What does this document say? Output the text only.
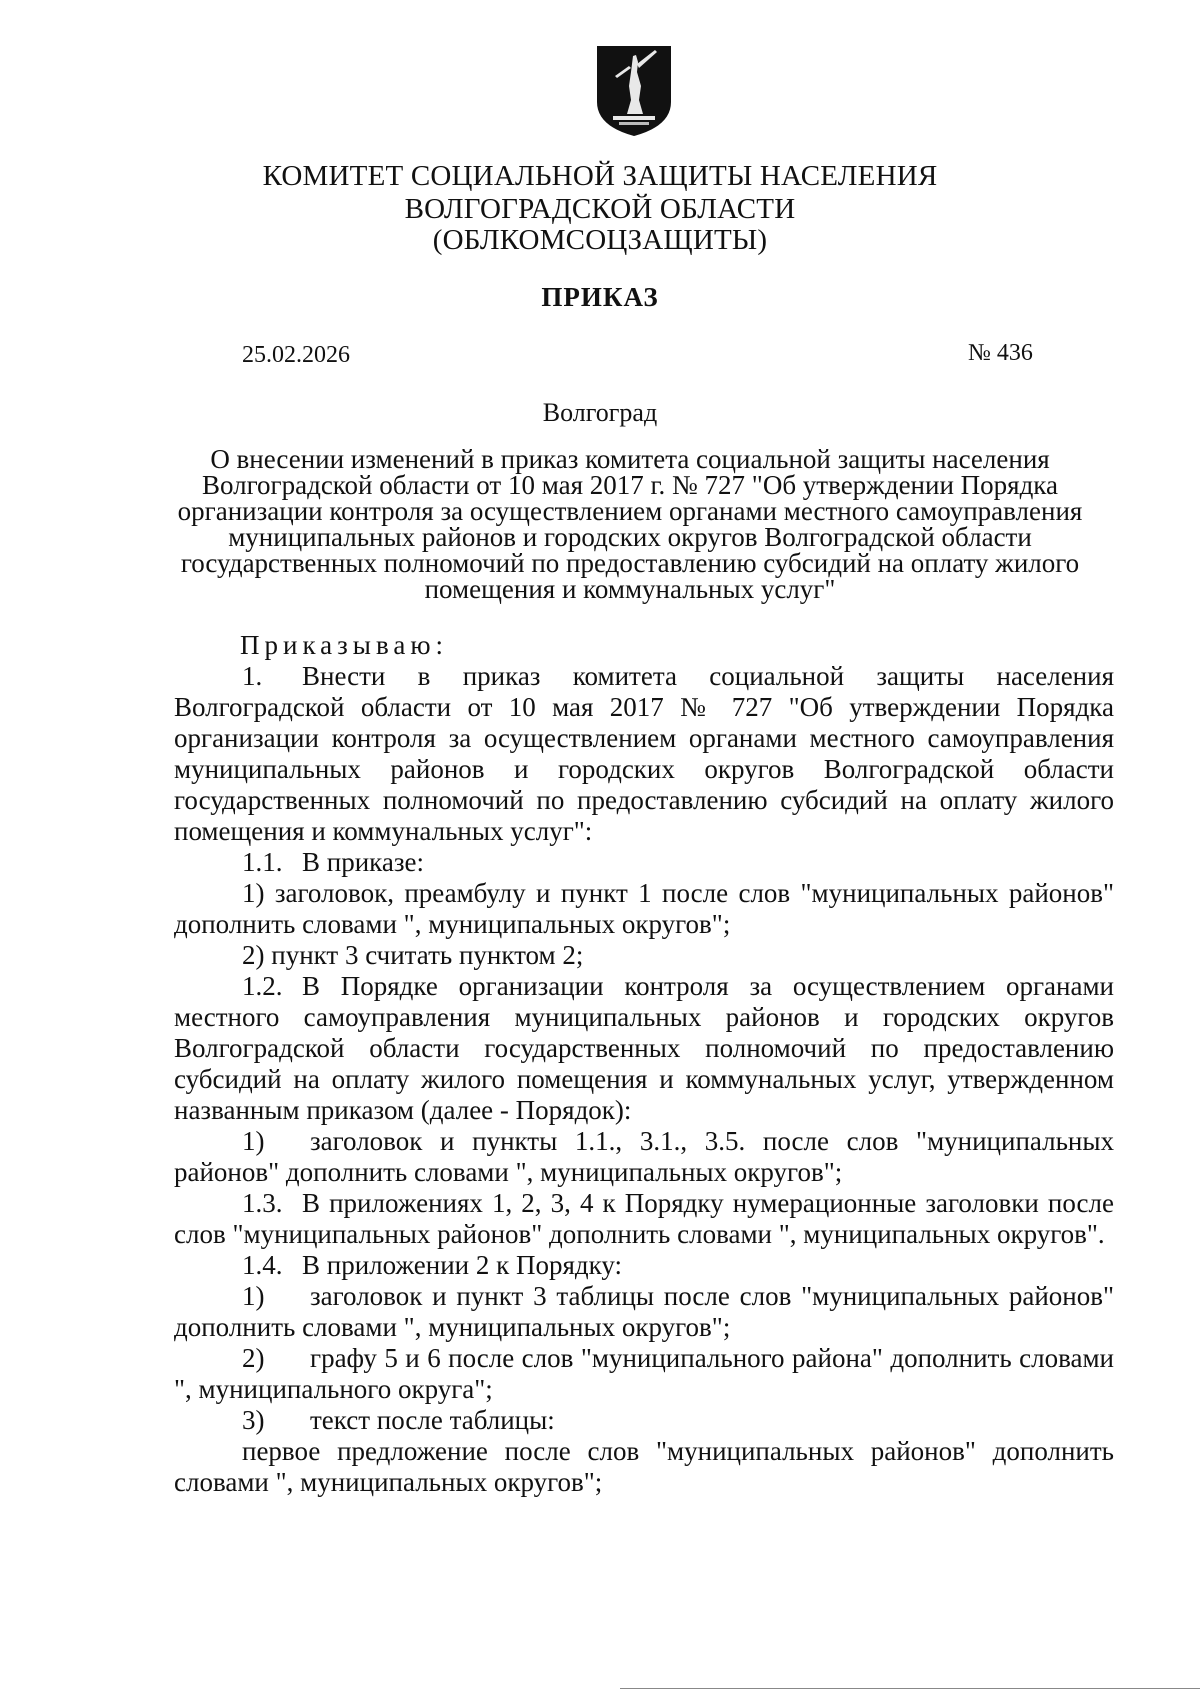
КОМИТЕТ СОЦИАЛЬНОЙ ЗАЩИТЫ НАСЕЛЕНИЯ
ВОЛГОГРАДСКОЙ ОБЛАСТИ
(ОБЛКОМСОЦЗАЩИТЫ)
ПРИКАЗ
25.02.2026	№ 436
Волгоград
О внесении изменений в приказ комитета социальной защиты населения Волгоградской области от 10 мая 2017 г. № 727 "Об утверждении Порядка организации контроля за осуществлением органами местного самоуправления муниципальных районов и городских округов Волгоградской области государственных полномочий по предоставлению субсидий на оплату жилого помещения и коммунальных услуг"

Приказываю:

1. Внести в приказ комитета социальной защиты населения Волгоградской области от 10 мая 2017 № 727 "Об утверждении Порядка организации контроля за осуществлением органами местного самоуправления муниципальных районов и городских округов Волгоградской области государственных полномочий по предоставлению субсидий на оплату жилого помещения и коммунальных услуг":

1.1. В приказе:

1) заголовок, преамбулу и пункт 1 после слов "муниципальных районов" дополнить словами ", муниципальных округов";

2) пункт 3 считать пунктом 2;

1.2. В Порядке организации контроля за осуществлением органами местного самоуправления муниципальных районов и городских округов Волгоградской области государственных полномочий по предоставлению субсидий на оплату жилого помещения и коммунальных услуг, утвержденном названным приказом (далее - Порядок):

1) заголовок и пункты 1.1., 3.1., 3.5. после слов "муниципальных районов" дополнить словами ", муниципальных округов";

1.3. В приложениях 1, 2, 3, 4 к Порядку нумерационные заголовки после слов "муниципальных районов" дополнить словами ", муниципальных округов".

1.4. В приложении 2 к Порядку:

1) заголовок и пункт 3 таблицы после слов "муниципальных районов" дополнить словами ", муниципальных округов";

2) графу 5 и 6 после слов "муниципального района" дополнить словами ", муниципального округа";

3) текст после таблицы:

первое предложение после слов "муниципальных районов" дополнить словами ", муниципальных округов";
